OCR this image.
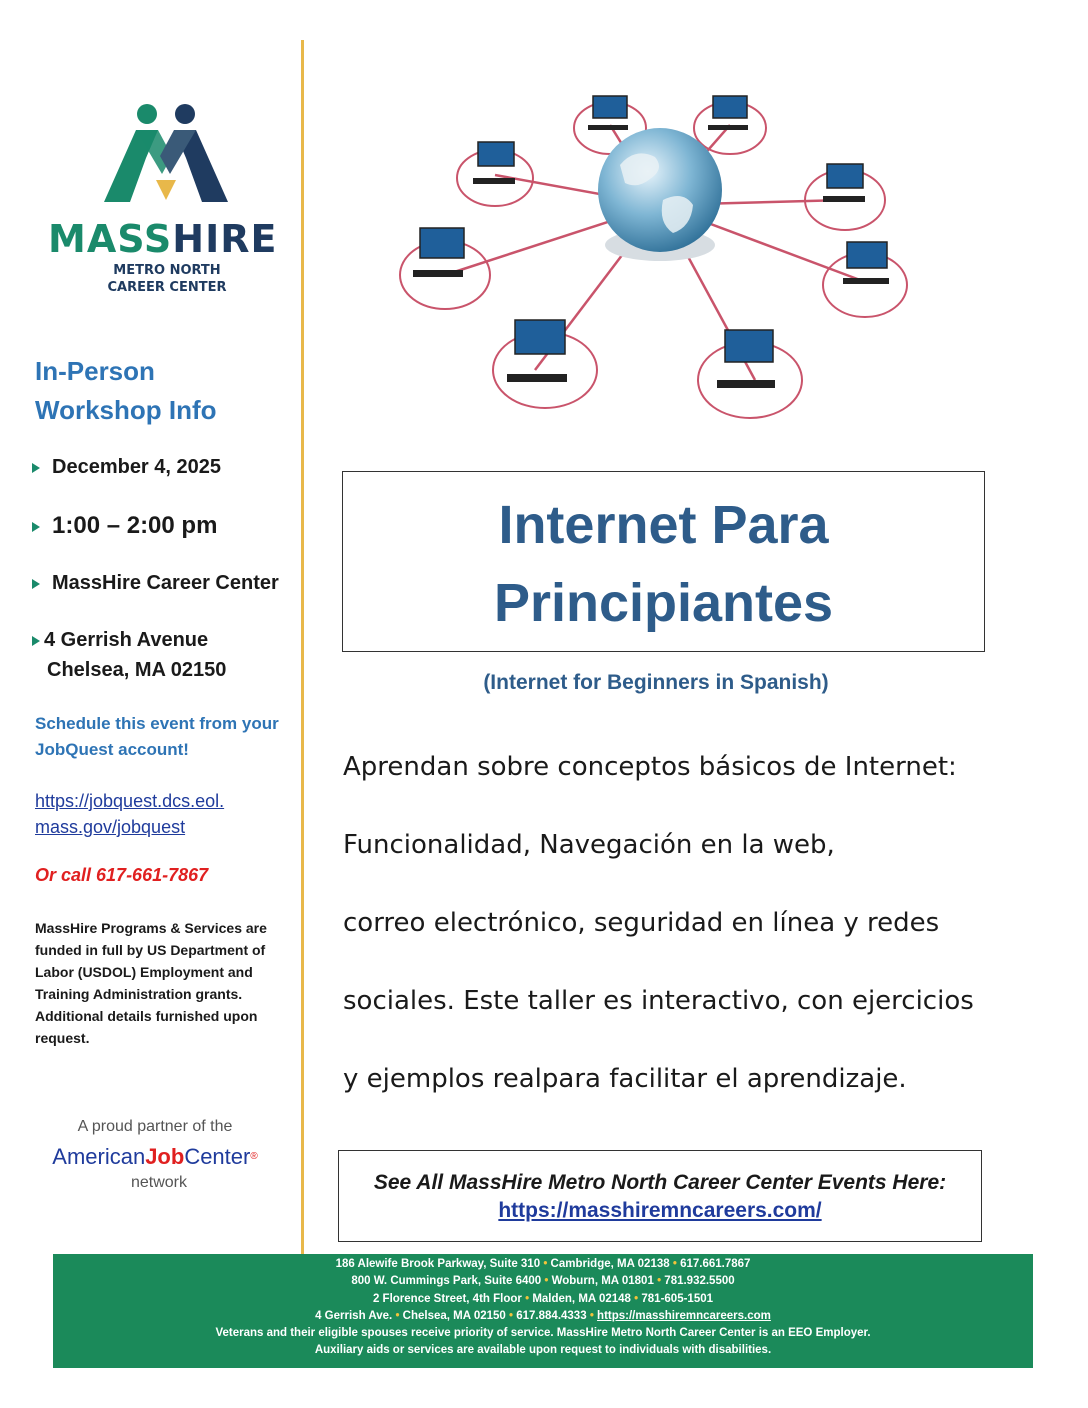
MASSHIRE
METRO NORTH
CAREER CENTER
In-Person
Workshop Info
December 4, 2025
1:00 – 2:00 pm
MassHire Career Center
4 Gerrish Avenue
Chelsea, MA 02150
Schedule this event from your
JobQuest account!
https://jobquest.dcs.eol.
mass.gov/jobquest
Or call 617-661-7867
MassHire Programs & Services are funded in full by US Department of Labor (USDOL) Employment and Training Administration grants. Additional details furnished upon request.
A proud partner of the
AmericanJobCenter®
network
Internet Para
Principiantes
(Internet for Beginners in Spanish)
Aprendan sobre conceptos básicos de Internet:
Funcionalidad, Navegación en la web,
correo electrónico, seguridad en línea y redes
sociales. Este taller es interactivo, con ejercicios
y ejemplos realpara facilitar el aprendizaje.
See All MassHire Metro North Career Center Events Here:
https://masshiremncareers.com/
186 Alewife Brook Parkway, Suite 310 • Cambridge, MA 02138 • 617.661.7867
800 W. Cummings Park, Suite 6400 • Woburn, MA 01801 • 781.932.5500
2 Florence Street, 4th Floor • Malden, MA 02148 • 781-605-1501
4 Gerrish Ave. • Chelsea, MA 02150 • 617.884.4333 • https://masshiremncareers.com
Veterans and their eligible spouses receive priority of service. MassHire Metro North Career Center is an EEO Employer.
Auxiliary aids or services are available upon request to individuals with disabilities.
